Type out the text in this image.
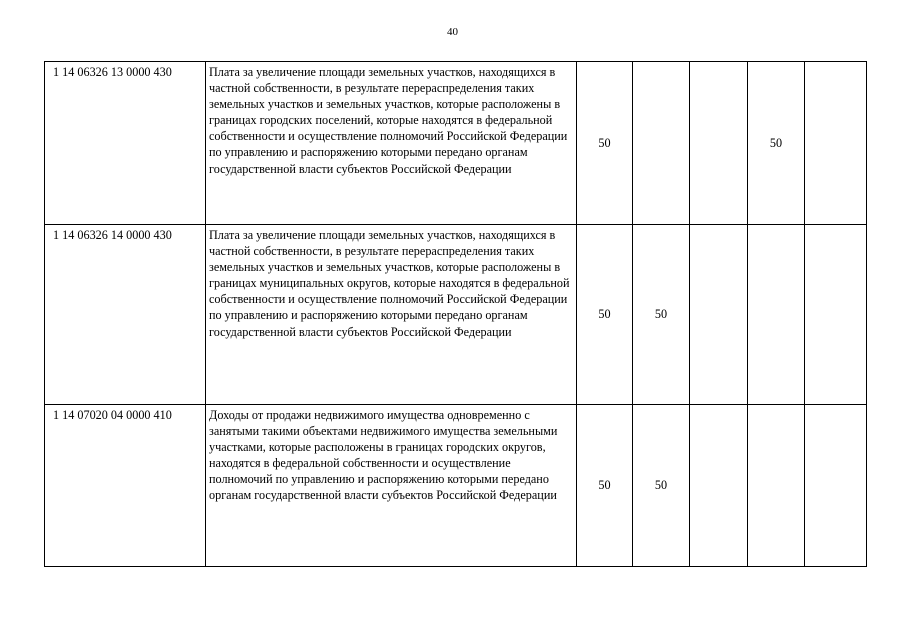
40
1 14 06326 13 0000 430	Плата за увеличение площади земельных участков, находящихся в частной собственности, в результате перераспределения таких земельных участков и земельных участков, которые расположены в границах городских поселений, которые находятся в федеральной собственности и осуществление полномочий Российской Федерации по управлению и распоряжению которыми передано органам государственной власти субъектов Российской Федерации	50			50	
1 14 06326 14 0000 430	Плата за увеличение площади земельных участков, находящихся в частной собственности, в результате перераспределения таких земельных участков и земельных участков, которые расположены в границах муниципальных округов, которые находятся в федеральной собственности и осуществление полномочий Российской Федерации по управлению и распоряжению которыми передано органам государственной власти субъектов Российской Федерации	50	50			
1 14 07020 04 0000 410	Доходы от продажи недвижимого имущества одновременно с занятыми такими объектами недвижимого имущества земельными участками, которые расположены в границах городских округов, находятся в федеральной собственности и осуществление полномочий по управлению и распоряжению которыми передано органам государственной власти субъектов Российской Федерации	50	50			
